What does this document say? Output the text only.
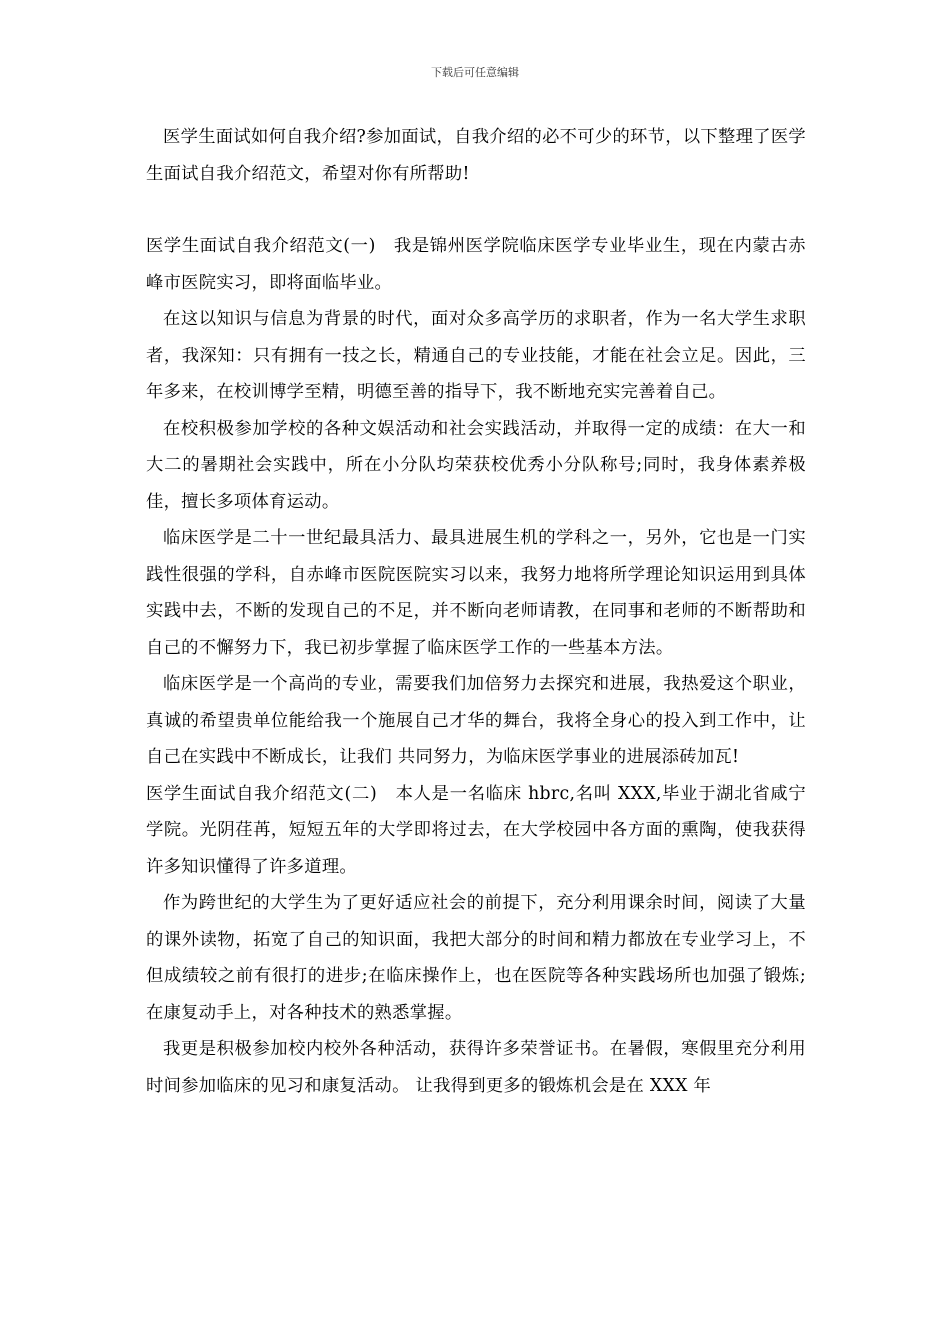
下载后可任意编辑

医学生面试如何自我介绍?参加面试，自我介绍的必不可少的环节，以下整理了医学生面试自我介绍范文，希望对你有所帮助!

医学生面试自我介绍范文(一)　我是锦州医学院临床医学专业毕业生，现在内蒙古赤峰市医院实习，即将面临毕业。

在这以知识与信息为背景的时代，面对众多高学历的求职者，作为一名大学生求职者，我深知：只有拥有一技之长，精通自己的专业技能，才能在社会立足。因此，三年多来，在校训博学至精，明德至善的指导下，我不断地充实完善着自己。

在校积极参加学校的各种文娱活动和社会实践活动，并取得一定的成绩：在大一和大二的暑期社会实践中，所在小分队均荣获校优秀小分队称号;同时，我身体素养极佳，擅长多项体育运动。

临床医学是二十一世纪最具活力、最具进展生机的学科之一，另外，它也是一门实践性很强的学科，自赤峰市医院医院实习以来，我努力地将所学理论知识运用到具体实践中去，不断的发现自己的不足，并不断向老师请教，在同事和老师的不断帮助和自己的不懈努力下，我已初步掌握了临床医学工作的一些基本方法。

临床医学是一个高尚的专业，需要我们加倍努力去探究和进展，我热爱这个职业，真诚的希望贵单位能给我一个施展自己才华的舞台，我将全身心的投入到工作中，让自己在实践中不断成长，让我们 共同努力，为临床医学事业的进展添砖加瓦!

医学生面试自我介绍范文(二)　本人是一名临床 hbrc,名叫 XXX,毕业于湖北省咸宁学院。光阴荏苒，短短五年的大学即将过去，在大学校园中各方面的熏陶，使我获得许多知识懂得了许多道理。

作为跨世纪的大学生为了更好适应社会的前提下，充分利用课余时间，阅读了大量的课外读物，拓宽了自己的知识面，我把大部分的时间和精力都放在专业学习上，不但成绩较之前有很打的进步;在临床操作上，也在医院等各种实践场所也加强了锻炼;在康复动手上，对各种技术的熟悉掌握。

我更是积极参加校内校外各种活动，获得许多荣誉证书。在暑假，寒假里充分利用时间参加临床的见习和康复活动。 让我得到更多的锻炼机会是在 XXX 年
